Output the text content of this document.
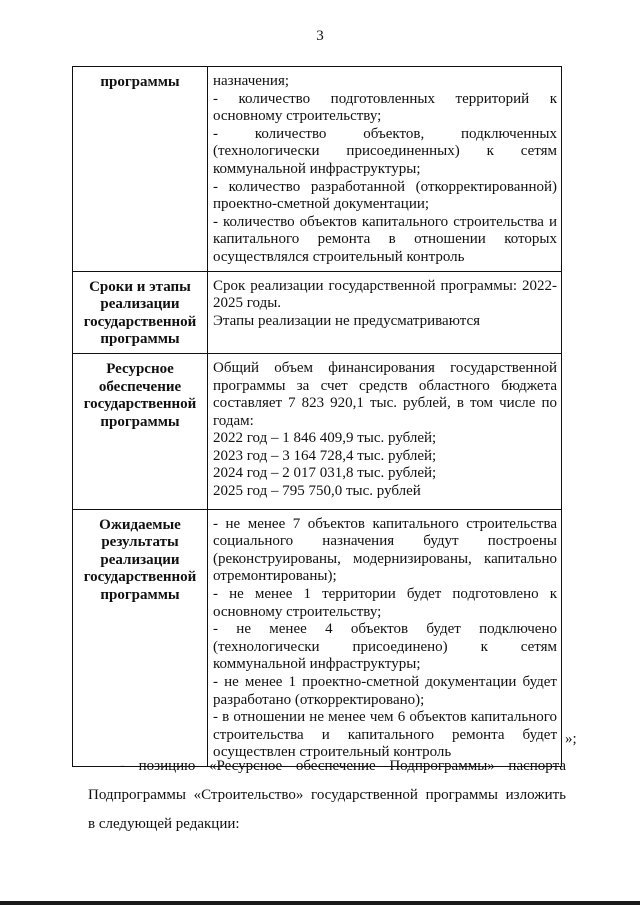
3
программы	назначения;
- количество подготовленных территорий к основному строительству;
- количество объектов, подключенных (технологически присоединенных) к сетям коммунальной инфраструктуры;
- количество разработанной (откорректированной) проектно-сметной документации;
- количество объектов капитального строительства и капитального ремонта в отношении которых осуществлялся строительный контроль

Сроки и этапы реализации государственной программы	Срок реализации государственной программы: 2022-2025 годы.
Этапы реализации не предусматриваются

Ресурсное обеспечение государственной программы	Общий объем финансирования государственной программы за счет средств областного бюджета составляет 7 823 920,1 тыс. рублей, в том числе по годам:
2022 год – 1 846 409,9 тыс. рублей;
2023 год – 3 164 728,4 тыс. рублей;
2024 год – 2 017 031,8 тыс. рублей;
2025 год – 795 750,0 тыс. рублей

Ожидаемые результаты реализации государственной программы	- не менее 7 объектов капитального строительства социального назначения будут построены (реконструированы, модернизированы, капитально отремонтированы);
- не менее 1 территории будет подготовлено к основному строительству;
- не менее 4 объектов будет подключено (технологически присоединено) к сетям коммунальной инфраструктуры;
- не менее 1 проектно-сметной документации будет разработано (откорректировано);
- в отношении не менее чем 6 объектов капитального строительства и капитального ремонта будет осуществлен строительный контроль
»;
- позицию «Ресурсное обеспечение Подпрограммы» паспорта
Подпрограммы «Строительство» государственной программы изложить
в следующей редакции:
